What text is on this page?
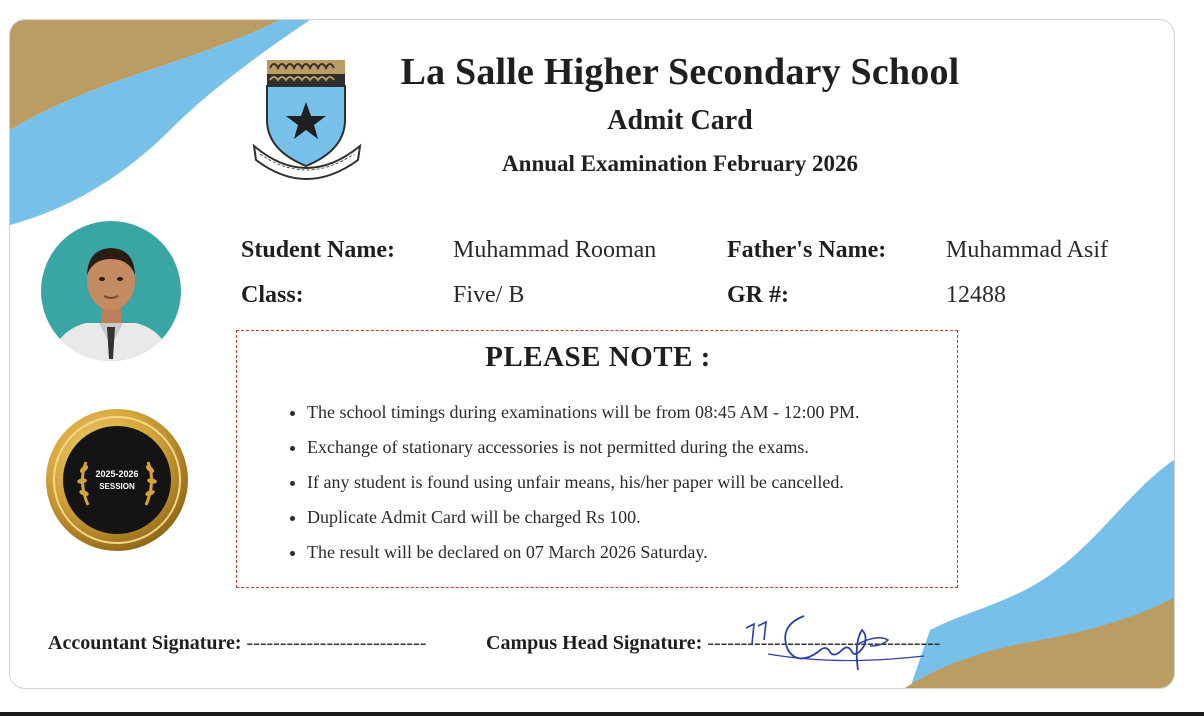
La Salle Higher Secondary School
Admit Card
Annual Examination February 2026
2025-2026
SESSION
Student Name: Muhammad Rooman	Father's Name: Muhammad Asif
Class:	Five/ B	GR #:	12488
PLEASE NOTE :
• The school timings during examinations will be from 08:45 AM - 12:00 PM.
• Exchange of stationary accessories is not permitted during the exams.
• If any student is found using unfair means, his/her paper will be cancelled.
• Duplicate Admit Card will be charged Rs 100.
• The result will be declared on 07 March 2026 Saturday.
Accountant Signature: ---------------------------	Campus Head Signature: -----------------------------------
